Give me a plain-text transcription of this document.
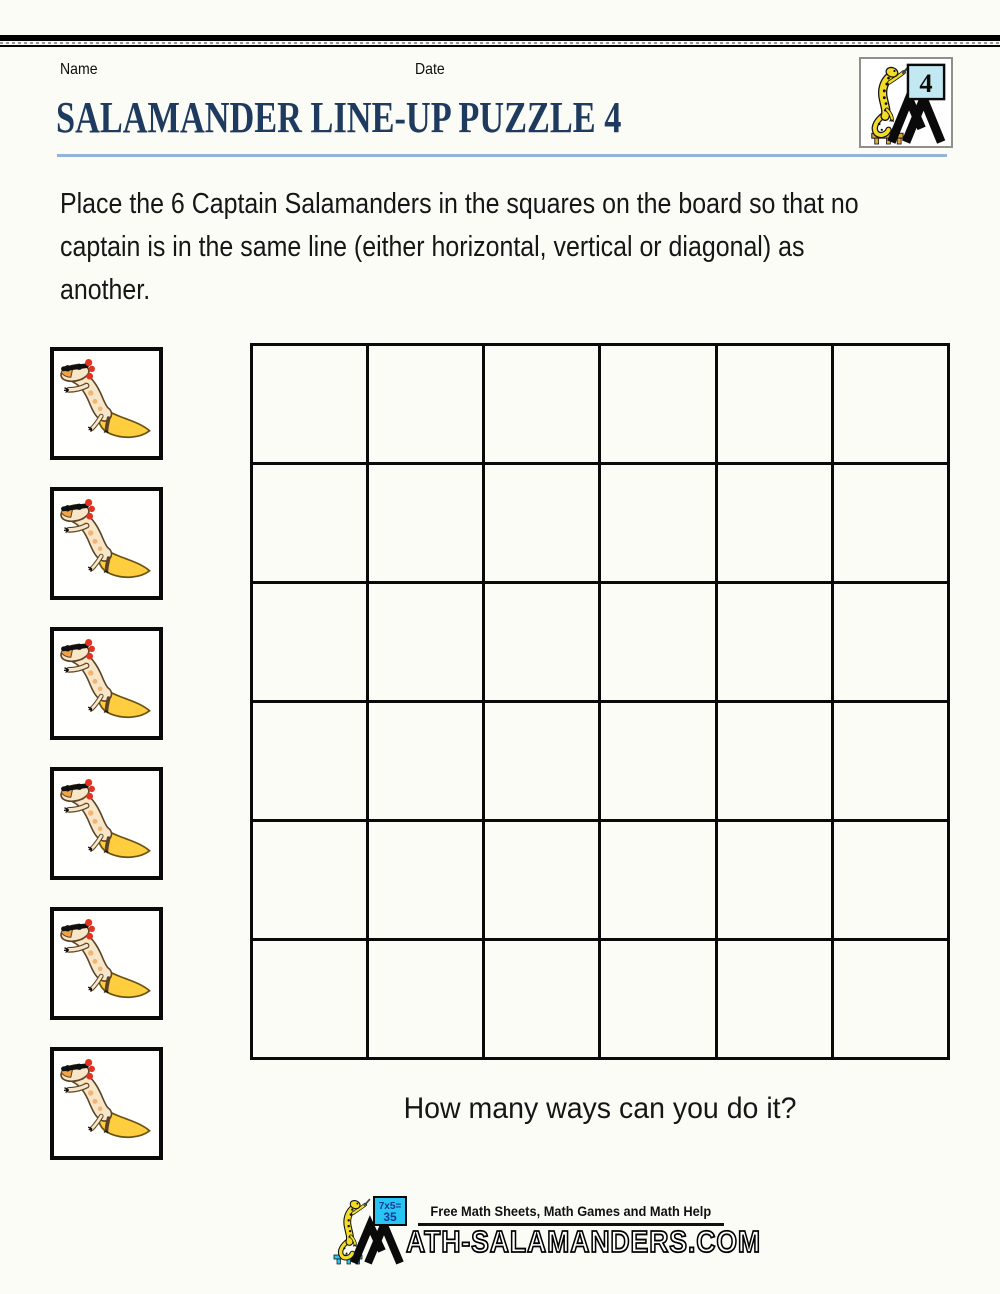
Name	Date
SALAMANDER LINE-UP PUZZLE 4
4
Place the 6 Captain Salamanders in the squares on the board so that no
captain is in the same line (either horizontal, vertical or diagonal) as
another.
How many ways can you do it?
7x5=
35	Free Math Sheets, Math Games and Math Help
ATH-SALAMANDERS.COM
